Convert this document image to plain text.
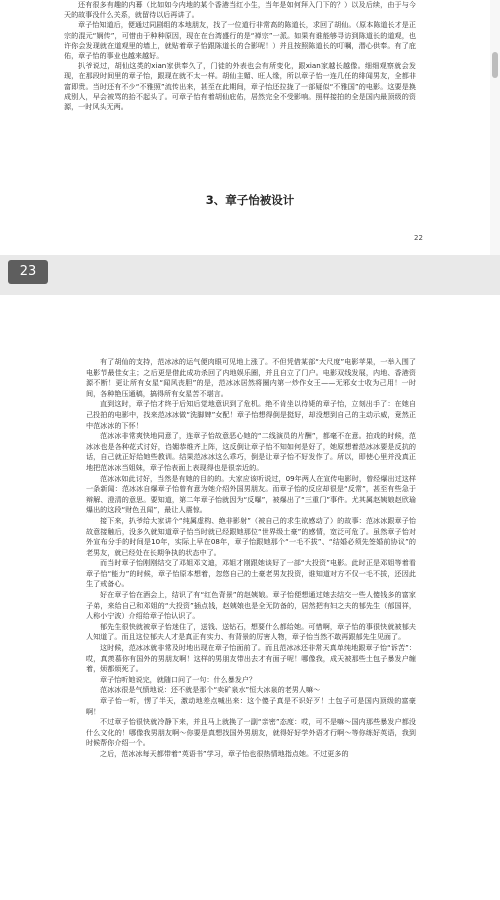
还有很多有趣的内幕（比如如今内地的某个香港当红小生，当年是如何拜入门下的？）以及后续，由于与今天的故事没什么关系，就留待以后再讲了。

章子怡知道后，便通过同剧组的本地朋友，找了一位道行非常高的陈道长，求回了胡仙。（原本陈道长才是正宗的混元“娴传”，可惜由于种种原因，现在在台湾盛行的是“禅宗”一派。如果有谁能够寻访到陈道长的道观，也许你会发现就在道观里的墙上，就贴着章子怡跟陈道长的合影呢！）并且按照陈道长的叮嘱，潜心供奉。有了庇佑，章子怡的事业也越来越好。

扒爷说过，胡仙这类的xian家供奉久了，门徒的外表也会有所变化，跟xian家越长越像。细细观察就会发现，在那段时间里的章子怡，跟现在就不太一样。胡仙主媚、旺人缘，所以章子怡一连几任的绯闻男友，全都非富即贵。当时还有不少“不雅照”流传出来，甚至在此期间，章子怡还拉拢了一部疑似“不雅国”的电影。这要是换成别人，早会被骂的抬不起头了。可章子怡有着胡仙庇佑，居然完全不受影响。照样接拍的全是国内最顶级的资源，一时风头无两。

3、章子怡被设计
22
23

有了胡仙的支持，范冰冰的运气便肉眼可见地上涨了。不但凭借某部“大尺度”电影苹果，一举入围了电影节最佳女主；之后更是借此成功杀回了内地娱乐圈，并且自立了门户。电影双线发展，内地、香港资源不断！更让所有女星“闻风丧胆”的是，范冰冰居然将圈内第一炒作女王——无邪女士收为己用！一时间，各种艳压通稿，搞得所有女星苦不堪言。

直到这时，章子怡才终于后知后觉地意识到了危机。绝不肯坐以待毙的章子怡，立刻出手了：在她自己投拍的电影中，找来范冰冰做“洗脚婢”女配！章子怡想得倒是挺好，却没想到自己的主动示威，竟然正中范冰冰的下怀！

范冰冰非常爽快地同意了，连章子怡故意恶心她的“二线演员的片酬”，都毫不在意。拍戏的时候，范冰冰也是各种花式讨好，诌媚恭维齐上阵，这反倒让章子怡不知如何是好了，她原想着范冰冰要是反抗的话，自己就正好给她些教训。结果范冰冰这么乖巧，倒是让章子怡不好发作了。所以，即使心里并没真正地把范冰冰当姐妹，章子怡表面上表现得也是很亲近的。

范冰冰如此讨好，当然是有她的目的的。大家应该听说过，09年两人在宣传电影时，曾经爆出过这样一条新闻：范冰冰自爆章子怡曾有意为她介绍外国男朋友。而章子怡的反应却很是“反常”，甚至有些急于辩解、澄清的意思。要知道，第二年章子怡就因为“反曝”，被爆出了“三重门”事件。尤其属赵姨娘赵欣瑜爆出的这段“财色丑闻”，最让人震惊。

接下来，扒爷给大家讲个“纯属虚构、绝非影射”（被自己的求生欲感动了）的故事：范冰冰跟章子怡故意接触后，没多久就知道章子怡当时就已经跟她那位“世界级土豪”的感情，宽泛可危了。虽然章子怡对外宣布分手的时间是10年，实际上早在08年，章子怡跟她那个“一毛不拔”、“结婚必须先签婚前协议”的老男友，就已经处在长期争执的状态中了。

而当时章子怡刚刚结交了邓姐邓文迪，邓姐才刚跟她谈好了一部“大投资”电影。此时正是邓姐等着看章子怡“能力”的时候，章子怡原本想着，忽悠自己的土豪老男友投资，谁知道对方不仅一毛不拔，还因此生了戒备心。

好在章子怡在酒会上，结识了有“红色背景”的赵姨娘。章子怡便想通过她去结交一些人傻钱多的富家子弟，来给自己和邓姐的“大投资”插点钱，赵姨娘也是全无防备的，居然把有妇之夫的郁先生（郁国祥，人称小宁波）介绍给章子怡认识了。

郁先生很快就被章子怡迷住了，送钱、送钻石，想要什么都给她。可惜啊，章子怡的事很快就被郁夫人知道了。而且这位郁夫人才是真正有实力、有背景的厉害人物，章子怡当然不敢再跟郁先生见面了。

这时候，范冰冰就非常及时地出现在章子怡面前了。而且范冰冰还非常天真单纯地跟章子怡“诉苦”：哎，真羡慕你有国外的男朋友啊！这样的男朋友带出去才有面子呢！哪像我，成天被那些土包子暴发户缠着，烦都烦死了。

章子怡听她说完，就随口问了一句：什么暴发户？

范冰冰很是气愤地说：还不就是那个“卖矿泉水”恒大冰泉的老男人嘛～

章子怡一听，愣了半天，激动地差点喊出来：这个傻子真是不识好歹！土包子可是国内顶级的富豪啊！

不过章子怡很快就冷静下来，并且马上就换了一副“亲密”态度：哎，可不是嘛～国内那些暴发户都没什么文化的！哪像我男朋友啊～你要是真想找国外男朋友，就得好好学外语才行啊～等你练好英语，我到时候帮你介绍一个。

之后，范冰冰每天都带着“英语书”学习，章子怡也很热情地指点她。不过更多的
